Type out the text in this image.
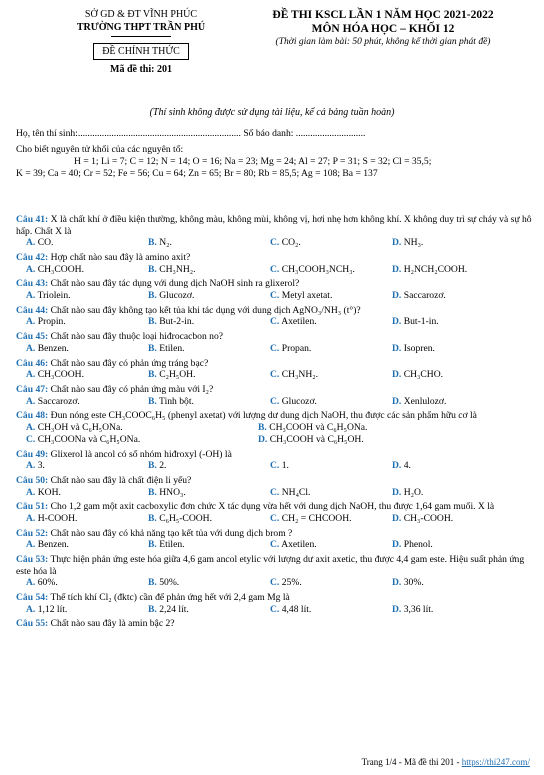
SỞ GD & ĐT VĨNH PHÚC
TRƯỜNG THPT TRẦN PHÚ
ĐỀ CHÍNH THỨC
Mã đề thi: 201
ĐỀ THI KSCL LẦN 1 NĂM HỌC 2021-2022
MÔN HÓA HỌC – KHỐI 12
(Thời gian làm bài: 50 phút, không kể thời gian phát đề)
(Thí sinh không được sử dụng tài liệu, kể cả bảng tuần hoàn)
Họ, tên thí sinh:.................................................................... Số báo danh: .............................
Cho biết nguyên tử khối của các nguyên tố:
H = 1; Li = 7; C = 12; N = 14; O = 16; Na = 23; Mg = 24; Al = 27; P = 31; S = 32; Cl = 35,5;
K = 39; Ca = 40; Cr = 52; Fe = 56; Cu = 64; Zn = 65; Br = 80; Rb = 85,5; Ag = 108; Ba = 137
Câu 41: X là chất khí ở điều kiện thường, không màu, không mùi, không vị, hơi nhẹ hơn không khí. X không duy trì sự cháy và sự hô hấp. Chất X là
A. CO.	B. N₂.	C. CO₂.	D. NH₃.
Câu 42: Hợp chất nào sau đây là amino axit?
A. CH₃COOH.	B. CH₃NH₂.	C. CH₃COOH₃NCH₃.	D. H₂NCH₂COOH.
Câu 43: Chất nào sau đây tác dụng với dung dịch NaOH sinh ra glixerol?
A. Triolein.	B. Glucozơ.	C. Metyl axetat.	D. Saccarozơ.
Câu 44: Chất nào sau đây không tạo kết tủa khi tác dụng với dung dịch AgNO₃/NH₃ (t°)?
A. Propin.	B. But-2-in.	C. Axetilen.	D. But-1-in.
Câu 45: Chất nào sau đây thuộc loại hiđrocacbon no?
A. Benzen.	B. Etilen.	C. Propan.	D. Isopren.
Câu 46: Chất nào sau đây có phản ứng tráng bạc?
A. CH₃COOH.	B. C₂H₅OH.	C. CH₃NH₂.	D. CH₃CHO.
Câu 47: Chất nào sau đây có phản ứng màu với I₂?
A. Saccarozơ.	B. Tinh bột.	C. Glucozơ.	D. Xenlulozơ.
Câu 48: Đun nóng este CH₃COOC₆H₅ (phenyl axetat) với lượng dư dung dịch NaOH, thu được các sản phẩm hữu cơ là
A. CH₃OH và C₆H₅ONa.	B. CH₃COOH và C₆H₅ONa.
C. CH₃COONa và C₆H₅ONa.	D. CH₃COOH và C₆H₅OH.
Câu 49: Glixerol là ancol có số nhóm hiđroxyl (-OH) là
A. 3.	B. 2.	C. 1.	D. 4.
Câu 50: Chất nào sau đây là chất điện li yếu?
A. KOH.	B. HNO₃.	C. NH₄Cl.	D. H₂O.
Câu 51: Cho 1,2 gam một axit cacboxylic đơn chức X tác dụng vừa hết với dung dịch NaOH, thu được 1,64 gam muối. X là
A. H-COOH.	B. C₆H₅-COOH.	C. CH₂ = CHCOOH.	D. CH₃-COOH.
Câu 52: Chất nào sau đây có khả năng tạo kết tủa với dung dịch brom ?
A. Benzen.	B. Etilen.	C. Axetilen.	D. Phenol.
Câu 53: Thực hiện phản ứng este hóa giữa 4,6 gam ancol etylic với lượng dư axit axetic, thu được 4,4 gam este. Hiệu suất phản ứng este hóa là
A. 60%.	B. 50%.	C. 25%.	D. 30%.
Câu 54: Thể tích khí Cl₂ (đktc) cần để phản ứng hết với 2,4 gam Mg là
A. 1,12 lít.	B. 2,24 lít.	C. 4,48 lít.	D. 3,36 lít.
Câu 55: Chất nào sau đây là amin bậc 2?
Trang 1/4 - Mã đề thi 201 - https://thi247.com/
